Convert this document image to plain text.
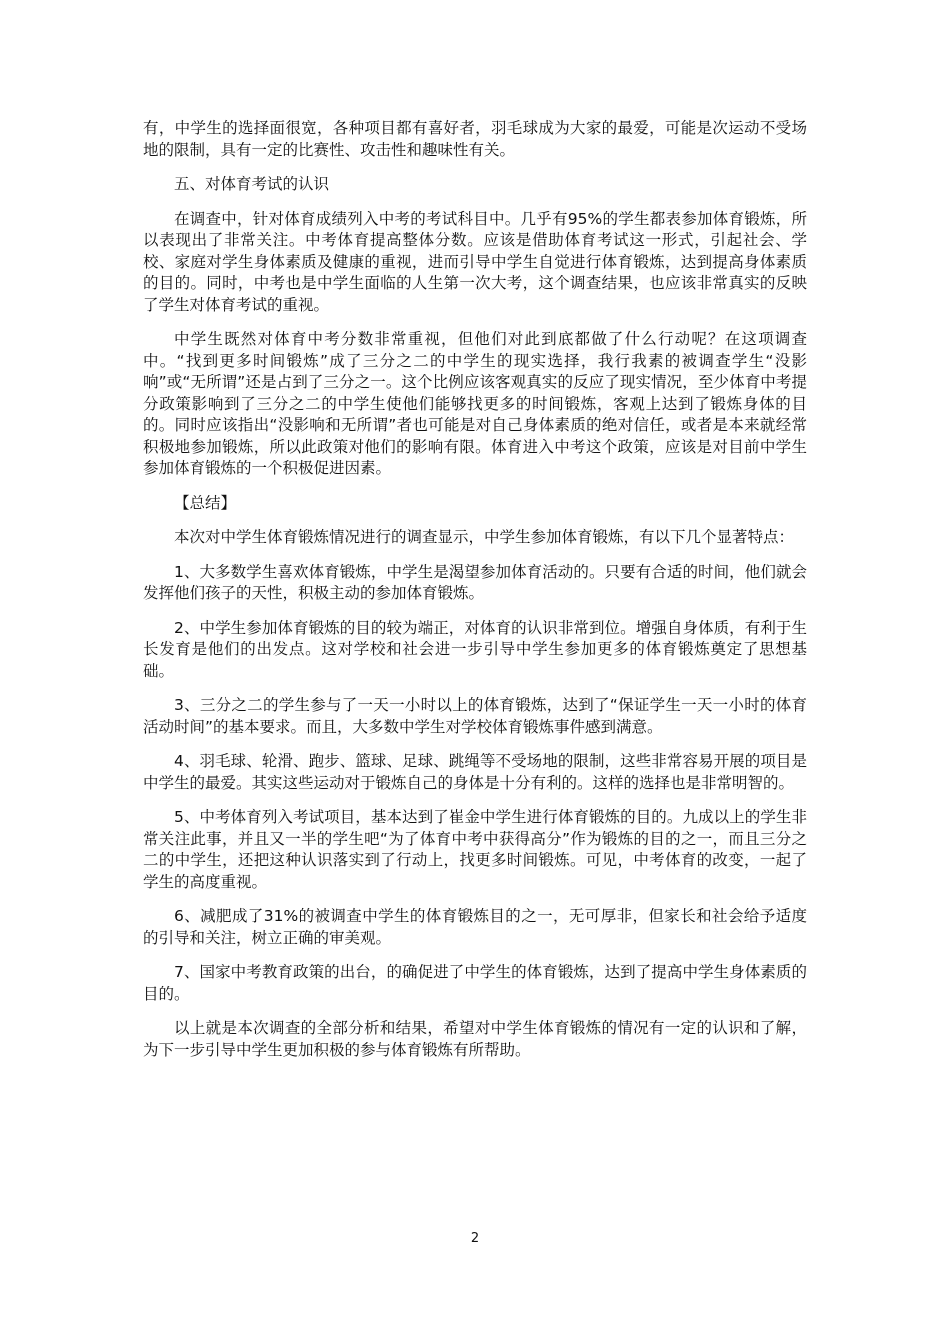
有，中学生的选择面很宽，各种项目都有喜好者，羽毛球成为大家的最爱，可能是次运动不受场地的限制，具有一定的比赛性、攻击性和趣味性有关。

五、对体育考试的认识

在调查中，针对体育成绩列入中考的考试科目中。几乎有95%的学生都表参加体育锻炼，所以表现出了非常关注。中考体育提高整体分数。应该是借助体育考试这一形式，引起社会、学校、家庭对学生身体素质及健康的重视，进而引导中学生自觉进行体育锻炼，达到提高身体素质的目的。同时，中考也是中学生面临的人生第一次大考，这个调查结果，也应该非常真实的反映了学生对体育考试的重视。

中学生既然对体育中考分数非常重视，但他们对此到底都做了什么行动呢？在这项调查中。“找到更多时间锻炼”成了三分之二的中学生的现实选择，我行我素的被调查学生“没影响”或“无所谓”还是占到了三分之一。这个比例应该客观真实的反应了现实情况，至少体育中考提分政策影响到了三分之二的中学生使他们能够找更多的时间锻炼，客观上达到了锻炼身体的目的。同时应该指出“没影响和无所谓”者也可能是对自己身体素质的绝对信任，或者是本来就经常积极地参加锻炼，所以此政策对他们的影响有限。体育进入中考这个政策，应该是对目前中学生参加体育锻炼的一个积极促进因素。

【总结】

本次对中学生体育锻炼情况进行的调查显示，中学生参加体育锻炼，有以下几个显著特点：

1、大多数学生喜欢体育锻炼，中学生是渴望参加体育活动的。只要有合适的时间，他们就会发挥他们孩子的天性，积极主动的参加体育锻炼。

2、中学生参加体育锻炼的目的较为端正，对体育的认识非常到位。增强自身体质，有利于生长发育是他们的出发点。这对学校和社会进一步引导中学生参加更多的体育锻炼奠定了思想基础。

3、三分之二的学生参与了一天一小时以上的体育锻炼，达到了“保证学生一天一小时的体育活动时间”的基本要求。而且，大多数中学生对学校体育锻炼事件感到满意。

4、羽毛球、轮滑、跑步、篮球、足球、跳绳等不受场地的限制，这些非常容易开展的项目是中学生的最爱。其实这些运动对于锻炼自己的身体是十分有利的。这样的选择也是非常明智的。

5、中考体育列入考试项目，基本达到了崔金中学生进行体育锻炼的目的。九成以上的学生非常关注此事，并且又一半的学生吧“为了体育中考中获得高分”作为锻炼的目的之一，而且三分之二的中学生，还把这种认识落实到了行动上，找更多时间锻炼。可见，中考体育的改变，一起了学生的高度重视。

6、减肥成了31%的被调查中学生的体育锻炼目的之一，无可厚非，但家长和社会给予适度的引导和关注，树立正确的审美观。

7、国家中考教育政策的出台，的确促进了中学生的体育锻炼，达到了提高中学生身体素质的目的。

以上就是本次调查的全部分析和结果，希望对中学生体育锻炼的情况有一定的认识和了解，为下一步引导中学生更加积极的参与体育锻炼有所帮助。

2
